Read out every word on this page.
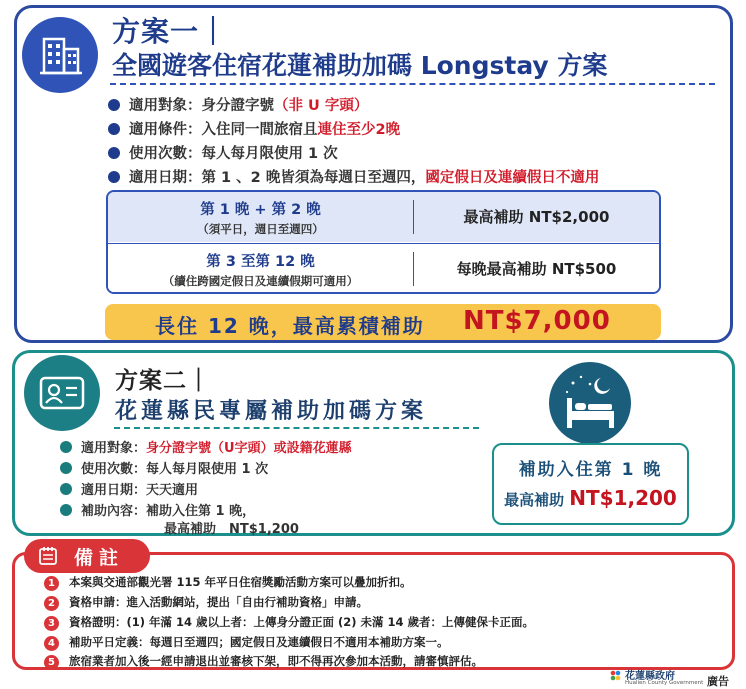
方案一｜
全國遊客住宿花蓮補助加碼 Longstay 方案
適用對象：身分證字號（非 U 字頭）
適用條件：入住同一間旅宿且連住至少2晚
使用次數：每人每月限使用 1 次
適用日期：第 1 、2 晚皆須為每週日至週四，國定假日及連續假日不適用
第 1 晚 + 第 2 晚
（須平日，週日至週四）
最高補助 NT$2,000
第 3 至第 12 晚
（續住跨國定假日及連續假期可適用）
每晚最高補助 NT$500
長住 12 晚，最高累積補助 NT$7,000
方案二｜
花蓮縣民專屬補助加碼方案
適用對象：身分證字號（U字頭）或設籍花蓮縣
使用次數：每人每月限使用 1 次
適用日期：天天適用
補助內容：補助入住第 1 晚，
最高補助　NT$1,200
補助入住第 1 晚
最高補助 NT$1,200
備註
1 本案與交通部觀光署 115 年平日住宿獎勵活動方案可以疊加折扣。
2 資格申請：進入活動網站，提出「自由行補助資格」申請。
3 資格證明：(1) 年滿 14 歲以上者：上傳身分證正面 (2) 未滿 14 歲者：上傳健保卡正面。
4 補助平日定義：每週日至週四；國定假日及連續假日不適用本補助方案一。
5 旅宿業者加入後一經申請退出並審核下架，即不得再次參加本活動，請審慎評估。
花蓮縣政府
Hualien County Government 廣告
